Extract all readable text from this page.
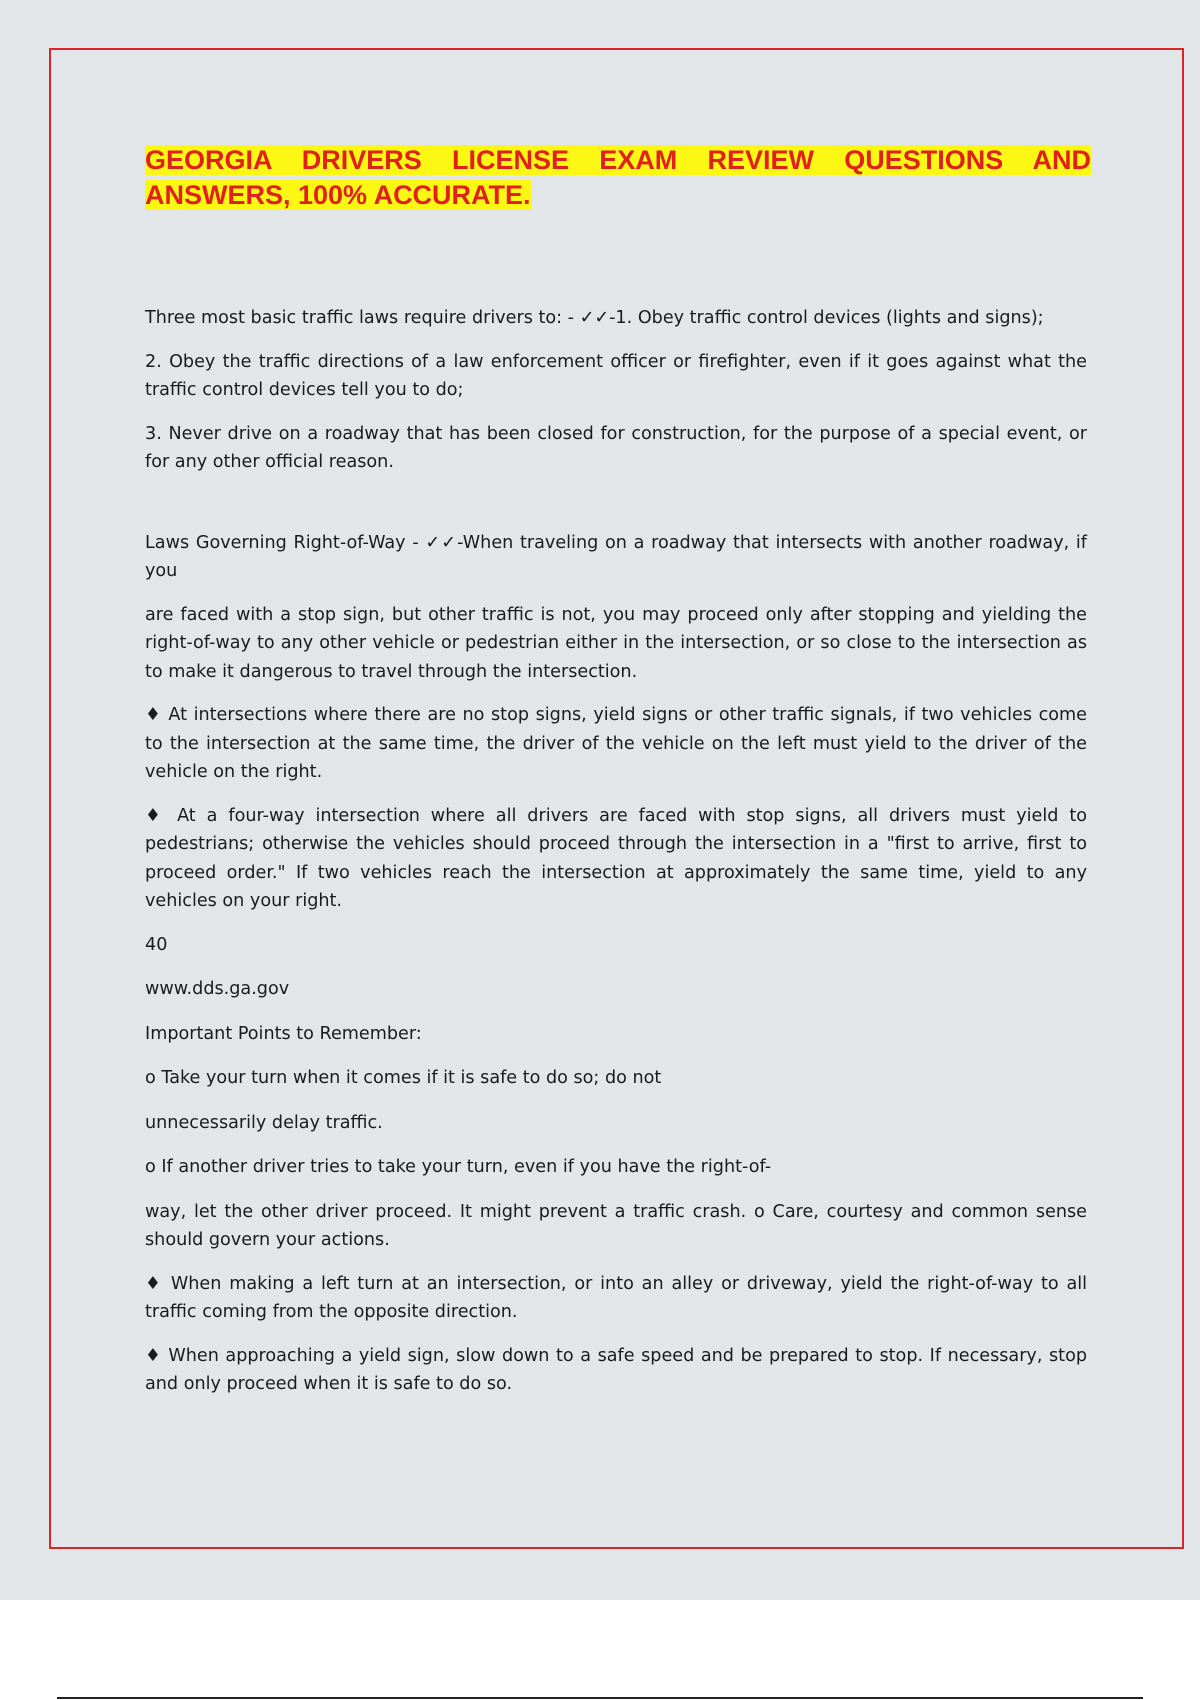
GEORGIA DRIVERS LICENSE EXAM REVIEW QUESTIONS AND ANSWERS, 100% ACCURATE.

Three most basic traffic laws require drivers to: - ✓✓-1. Obey traffic control devices (lights and signs);

2. Obey the traffic directions of a law enforcement officer or firefighter, even if it goes against what the traffic control devices tell you to do;

3. Never drive on a roadway that has been closed for construction, for the purpose of a special event, or for any other official reason.

Laws Governing Right-of-Way - ✓✓-When traveling on a roadway that intersects with another roadway, if you

are faced with a stop sign, but other traffic is not, you may proceed only after stopping and yielding the right-of-way to any other vehicle or pedestrian either in the intersection, or so close to the intersection as to make it dangerous to travel through the intersection.

♦ At intersections where there are no stop signs, yield signs or other traffic signals, if two vehicles come to the intersection at the same time, the driver of the vehicle on the left must yield to the driver of the vehicle on the right.

♦ At a four-way intersection where all drivers are faced with stop signs, all drivers must yield to pedestrians; otherwise the vehicles should proceed through the intersection in a "first to arrive, first to proceed order." If two vehicles reach the intersection at approximately the same time, yield to any vehicles on your right.

40

www.dds.ga.gov

Important Points to Remember:

o Take your turn when it comes if it is safe to do so; do not

unnecessarily delay traffic.

o If another driver tries to take your turn, even if you have the right-of-

way, let the other driver proceed. It might prevent a traffic crash. o Care, courtesy and common sense should govern your actions.

♦ When making a left turn at an intersection, or into an alley or driveway, yield the right-of-way to all traffic coming from the opposite direction.

♦ When approaching a yield sign, slow down to a safe speed and be prepared to stop. If necessary, stop and only proceed when it is safe to do so.
